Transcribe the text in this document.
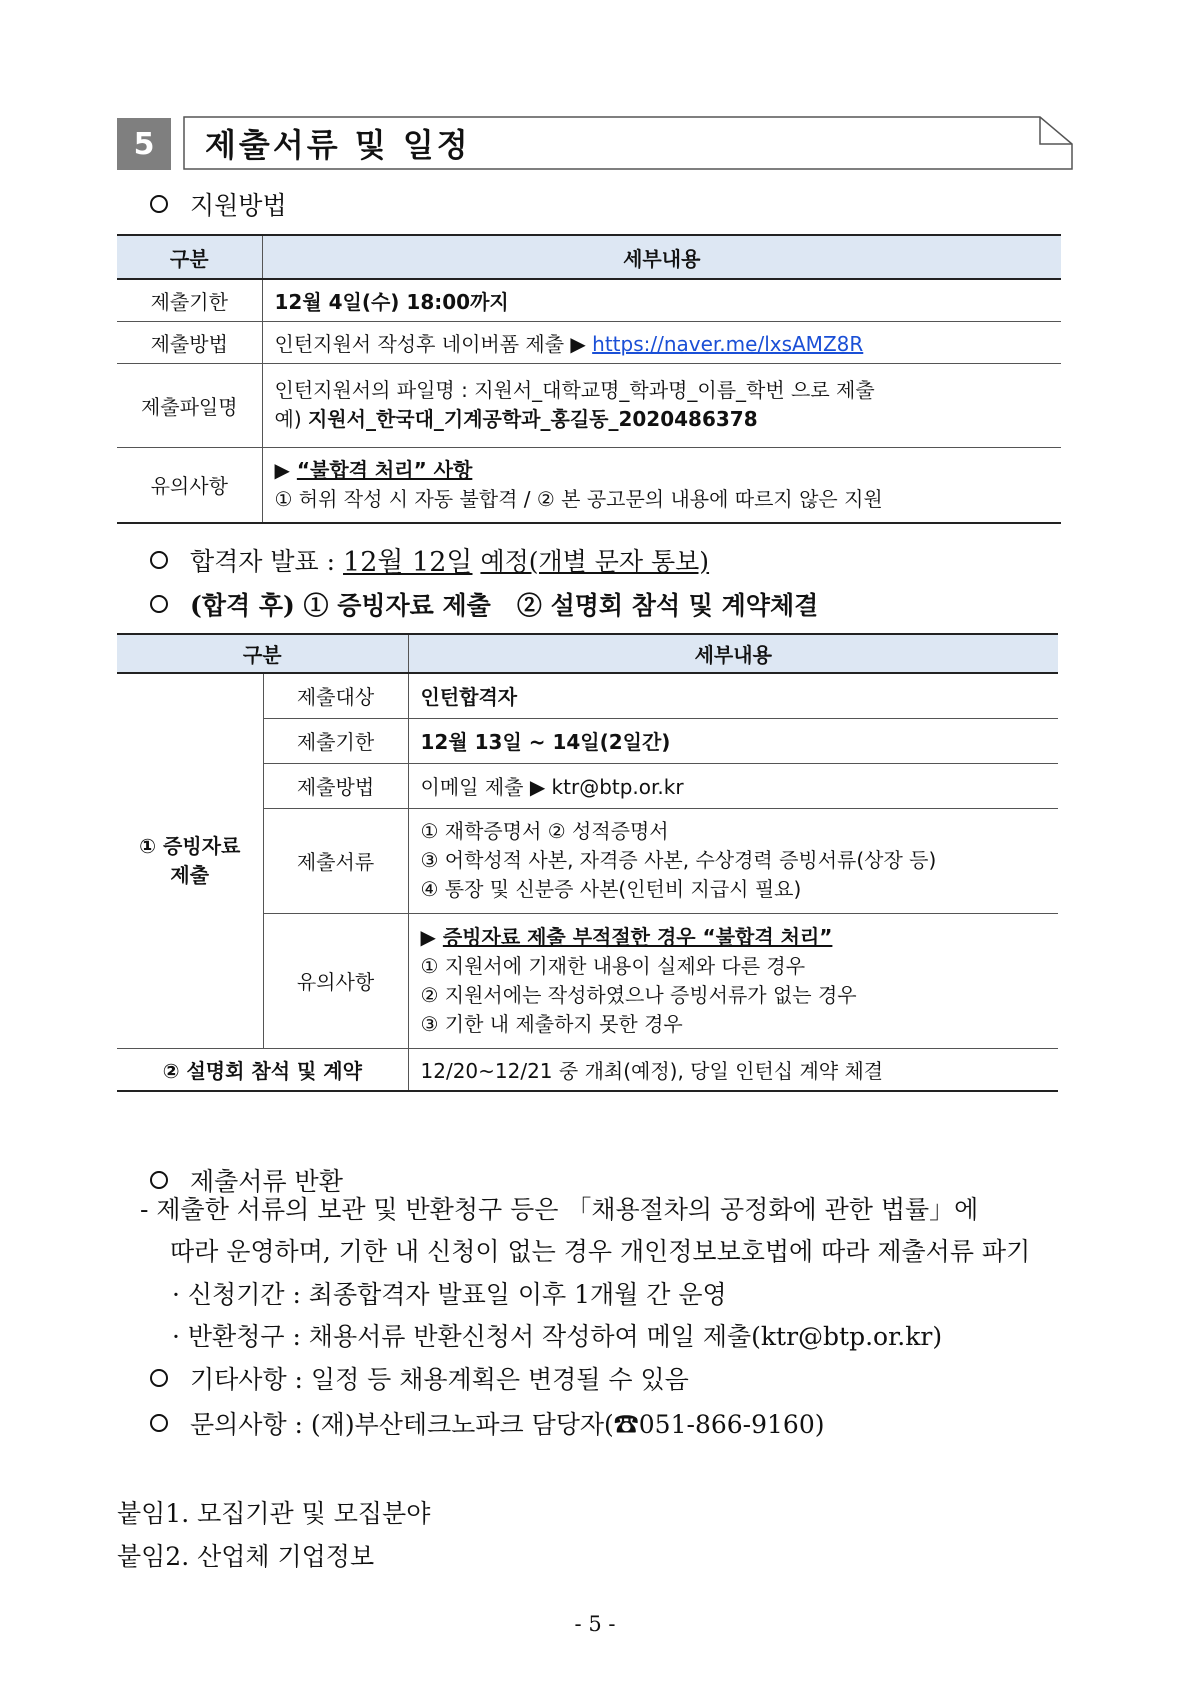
5	제출서류 및 일정
지원방법
구분	세부내용
제출기한	12월 4일(수) 18:00까지
제출방법	인턴지원서 작성후 네이버폼 제출 ▶ https://naver.me/lxsAMZ8R
제출파일명	인턴지원서의 파일명 : 지원서_대학교명_학과명_이름_학번 으로 제출
예) 지원서_한국대_기계공학과_홍길동_2020486378

유의사항	▶ “불합격 처리” 사항
① 허위 작성 시 자동 불합격 / ② 본 공고문의 내용에 따르지 않은 지원
합격자 발표 :
12월 12일
예정(개별 문자 통보)
(합격 후) ① 증빙자료 제출   ② 설명회 참석 및 계약체결
구분		세부내용

① 증빙자료
제출	제출대상	인턴합격자
	제출기한	12월 13일 ~ 14일(2일간)
	제출방법	이메일 제출 ▶ ktr@btp.or.kr
	제출서류	① 재학증명서 ② 성적증명서
③ 어학성적 사본, 자격증 사본, 수상경력 증빙서류(상장 등)
④ 통장 및 신분증 사본(인턴비 지급시 필요)

	유의사항	▶ 증빙자료 제출 부적절한 경우 “불합격 처리”
① 지원서에 기재한 내용이 실제와 다른 경우
② 지원서에는 작성하였으나 증빙서류가 없는 경우
③ 기한 내 제출하지 못한 경우

② 설명회 참석 및 계약		12/20~12/21 중 개최(예정), 당일 인턴십 계약 체결
제출서류 반환
- 제출한 서류의 보관 및 반환청구 등은 「채용절차의 공정화에 관한 법률」에
따라 운영하며, 기한 내 신청이 없는 경우 개인정보보호법에 따라 제출서류 파기
· 신청기간 : 최종합격자 발표일 이후 1개월 간 운영
· 반환청구 : 채용서류 반환신청서 작성하여 메일 제출(ktr@btp.or.kr)
기타사항 : 일정 등 채용계획은 변경될 수 있음
문의사항 : (재)부산테크노파크 담당자(☎051-866-9160)
붙임1. 모집기관 및 모집분야
붙임2. 산업체 기업정보
- 5 -
